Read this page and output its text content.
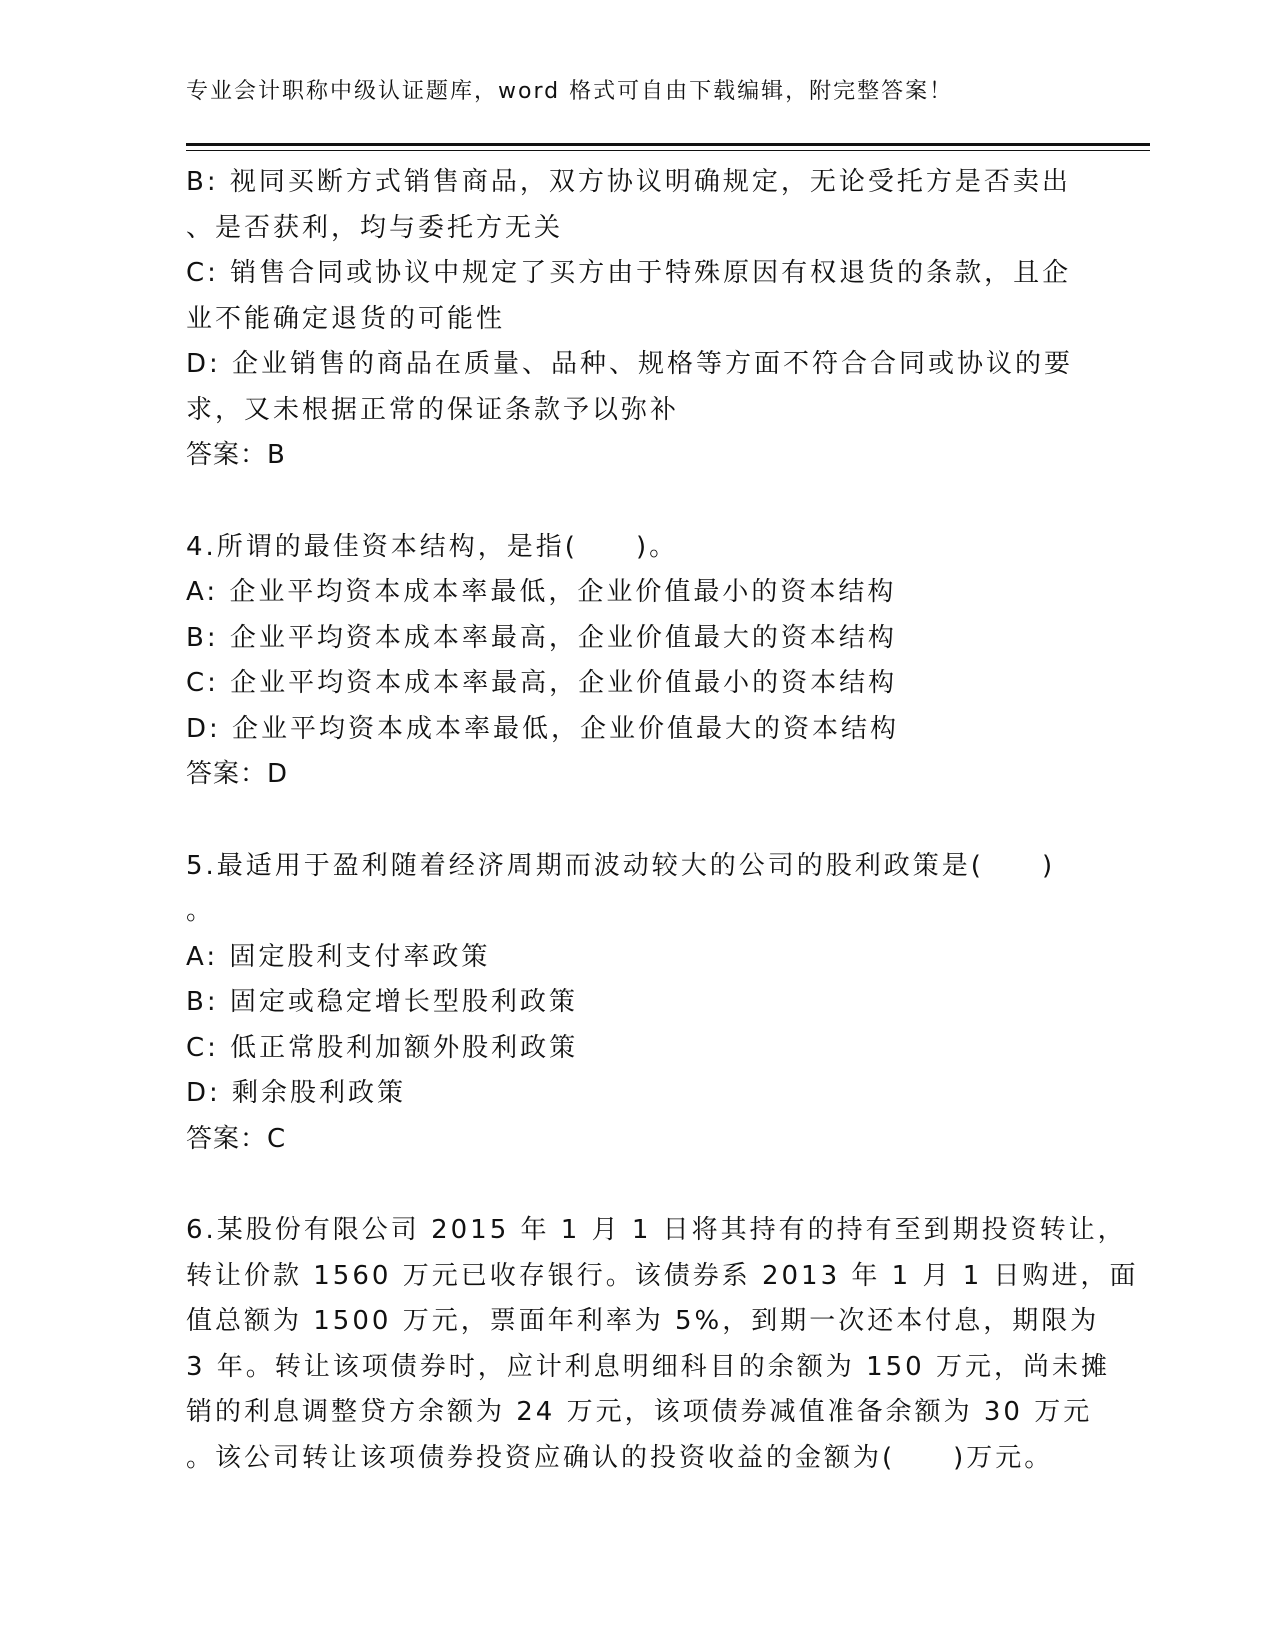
专业会计职称中级认证题库，word 格式可自由下载编辑，附完整答案！
B: 视同买断方式销售商品，双方协议明确规定，无论受托方是否卖出
、是否获利，均与委托方无关
C: 销售合同或协议中规定了买方由于特殊原因有权退货的条款，且企
业不能确定退货的可能性
D: 企业销售的商品在质量、品种、规格等方面不符合合同或协议的要
求，又未根据正常的保证条款予以弥补
答案：B
4.所谓的最佳资本结构，是指(　　)。
A: 企业平均资本成本率最低，企业价值最小的资本结构
B: 企业平均资本成本率最高，企业价值最大的资本结构
C: 企业平均资本成本率最高，企业价值最小的资本结构
D: 企业平均资本成本率最低，企业价值最大的资本结构
答案：D
5.最适用于盈利随着经济周期而波动较大的公司的股利政策是(　　)
。
A: 固定股利支付率政策
B: 固定或稳定增长型股利政策
C: 低正常股利加额外股利政策
D: 剩余股利政策
答案：C
6.某股份有限公司 2015 年 1 月 1 日将其持有的持有至到期投资转让，
转让价款 1560 万元已收存银行。该债券系 2013 年 1 月 1 日购进，面
值总额为 1500 万元，票面年利率为 5%，到期一次还本付息，期限为
3 年。转让该项债券时，应计利息明细科目的余额为 150 万元，尚未摊
销的利息调整贷方余额为 24 万元，该项债券减值准备余额为 30 万元
。该公司转让该项债券投资应确认的投资收益的金额为(　　)万元。
